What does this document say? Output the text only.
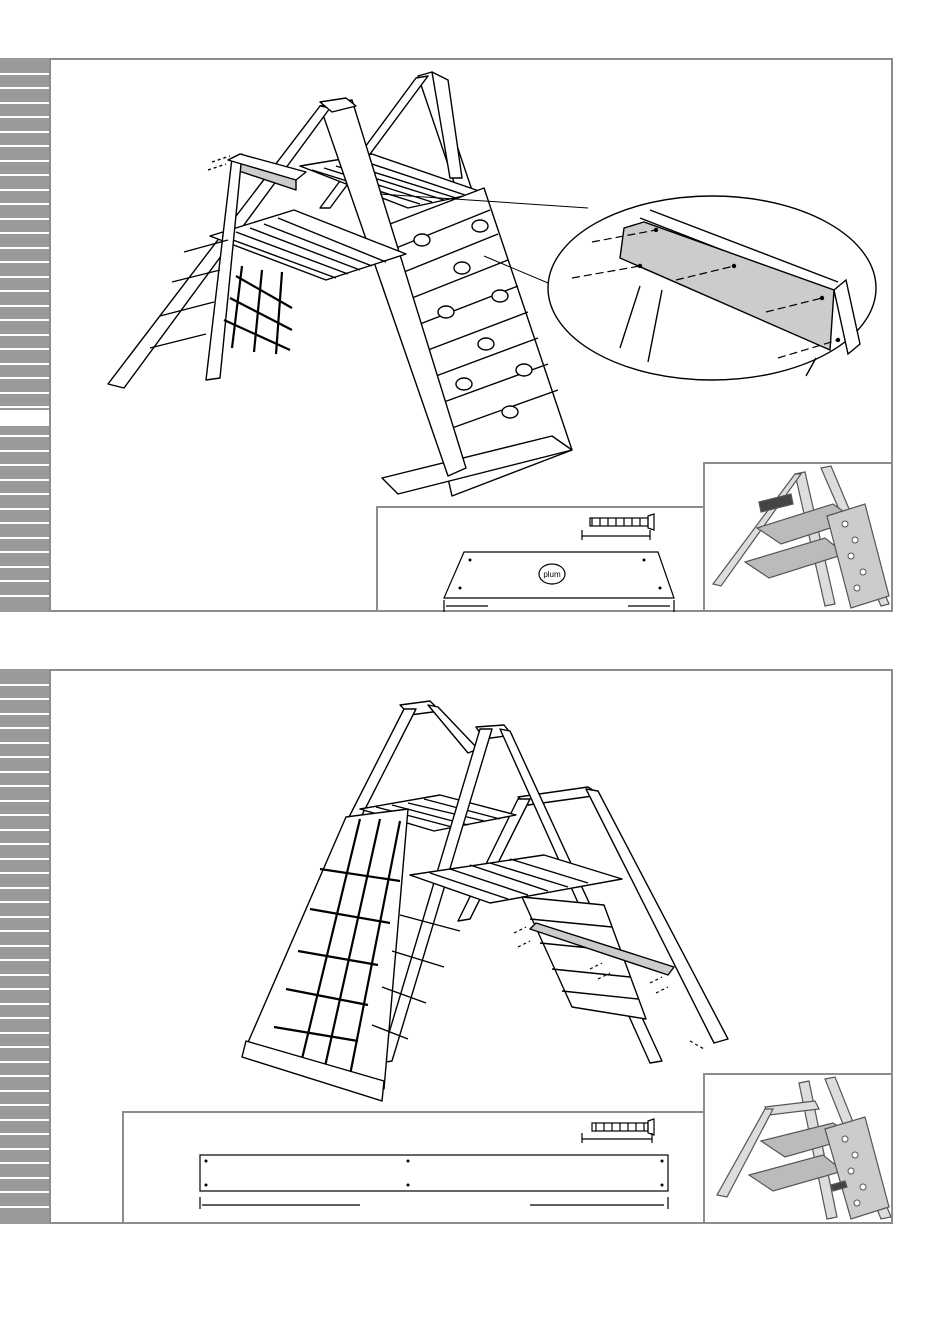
plum
